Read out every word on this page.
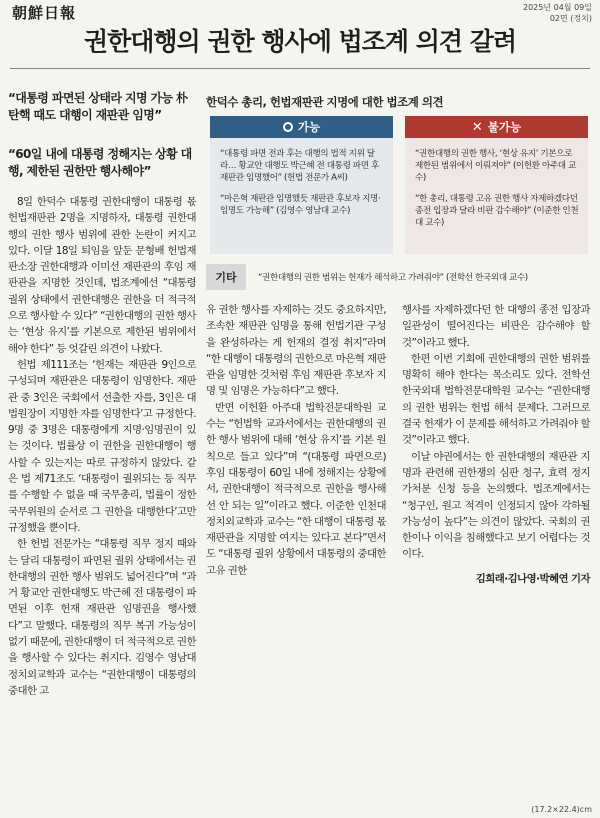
朝鮮日報	2025년 04월 09일
02면 (정치)
권한대행의 권한 행사에 법조계 의견 갈려
“대통령 파면된 상태라 지명 가능 朴 탄핵 때도 대행이 재판관 임명”
“60일 내에 대통령 정해지는 상황 대행, 제한된 권한만 행사해야”
한덕수 총리, 헌법재판관 지명에 대한 법조계 의견
가능
“대통령 파면 전과 후는 대행의 법적 지위 달라… 황교안 대행도 박근혜 전 대통령 파면 후 재판관 임명했어” (헌법 전문가 A씨)
“마은혁 재판관 임명했듯 재판관 후보자 지명·임명도 가능해” (김영수 영남대 교수)
✕ 불가능
“권한대행의 권한 행사, ‘현상 유지’ 기본으로 제한된 범위에서 이뤄져야” (이헌환 아주대 교수)
“한 총리, 대통령 고유 권한 행사 자제하겠다던 종전 입장과 달라 비판 감수해야” (이준한 인천대 교수)
기타	“권한대행의 권한 범위는 헌재가 해석하고 가려줘야” (전학선 한국외대 교수)

8일 한덕수 대통령 권한대행이 대통령 몫 헌법재판관 2명을 지명하자, 대통령 권한대행의 권한 행사 범위에 관한 논란이 커지고 있다. 이달 18일 퇴임을 앞둔 문형배 헌법재판소장 권한대행과 이미선 재판관의 후임 재판관을 지명한 것인데, 법조계에선 “대통령 궐위 상태에서 권한대행은 권한을 더 적극적으로 행사할 수 있다” “권한대행의 권한 행사는 ‘현상 유지’를 기본으로 제한된 범위에서 해야 한다” 등 엇갈린 의견이 나왔다.

헌법 제111조는 ‘헌재는 재판관 9인으로 구성되며 재판관은 대통령이 임명한다. 재판관 중 3인은 국회에서 선출한 자를, 3인은 대법원장이 지명한 자를 임명한다’고 규정한다. 9명 중 3명은 대통령에게 지명·임명권이 있는 것이다. 법률상 이 권한을 권한대행이 행사할 수 있는지는 따로 규정하지 않았다. 같은 법 제71조도 ‘대통령이 궐위되는 등 직무를 수행할 수 없을 때 국무총리, 법률이 정한 국무위원의 순서로 그 권한을 대행한다’고만 규정했을 뿐이다.

한 헌법 전문가는 “대통령 직무 정지 때와는 달리 대통령이 파면된 궐위 상태에서는 권한대행의 권한 행사 범위도 넓어진다”며 “과거 황교안 권한대행도 박근혜 전 대통령이 파면된 이후 헌재 재판관 임명권을 행사했다”고 말했다. 대통령의 직무 복귀 가능성이 없기 때문에, 권한대행이 더 적극적으로 권한을 행사할 수 있다는 취지다. 김영수 영남대 정치외교학과 교수는 “권한대행이 대통령의 중대한 고

유 권한 행사를 자제하는 것도 중요하지만, 조속한 재판관 임명을 통해 헌법기관 구성을 완성하라는 게 헌재의 결정 취지”라며 “한 대행이 대통령의 권한으로 마은혁 재판관을 임명한 것처럼 후임 재판관 후보자 지명 및 임명은 가능하다”고 했다.

반면 이헌환 아주대 법학전문대학원 교수는 “헌법학 교과서에서는 권한대행의 권한 행사 범위에 대해 ‘현상 유지’를 기본 원칙으로 들고 있다”며 “(대통령 파면으로) 후임 대통령이 60일 내에 정해지는 상황에서, 권한대행이 적극적으로 권한을 행사해선 안 되는 일”이라고 했다. 이준한 인천대 정치외교학과 교수는 “한 대행이 대통령 몫 재판관을 지명할 여지는 있다고 본다”면서도 “대통령 궐위 상황에서 대통령의 중대한 고유 권한

행사를 자제하겠다던 한 대행의 종전 입장과 일관성이 떨어진다는 비판은 감수해야 할 것”이라고 했다.

한편 이번 기회에 권한대행의 권한 범위를 명확히 해야 한다는 목소리도 있다. 전학선 한국외대 법학전문대학원 교수는 “권한대행의 권한 범위는 헌법 해석 문제다. 그러므로 결국 헌재가 이 문제를 해석하고 가려줘야 할 것”이라고 했다.

이날 야권에서는 한 권한대행의 재판관 지명과 관련해 권한쟁의 심판 청구, 효력 정지 가처분 신청 등을 논의했다. 법조계에서는 “청구인, 원고 적격이 인정되지 않아 각하될 가능성이 높다”는 의견이 많았다. 국회의 권한이나 이익을 침해했다고 보기 어렵다는 것이다.

김희래·김나영·박혜연 기자

(17.2×22.4)cm
